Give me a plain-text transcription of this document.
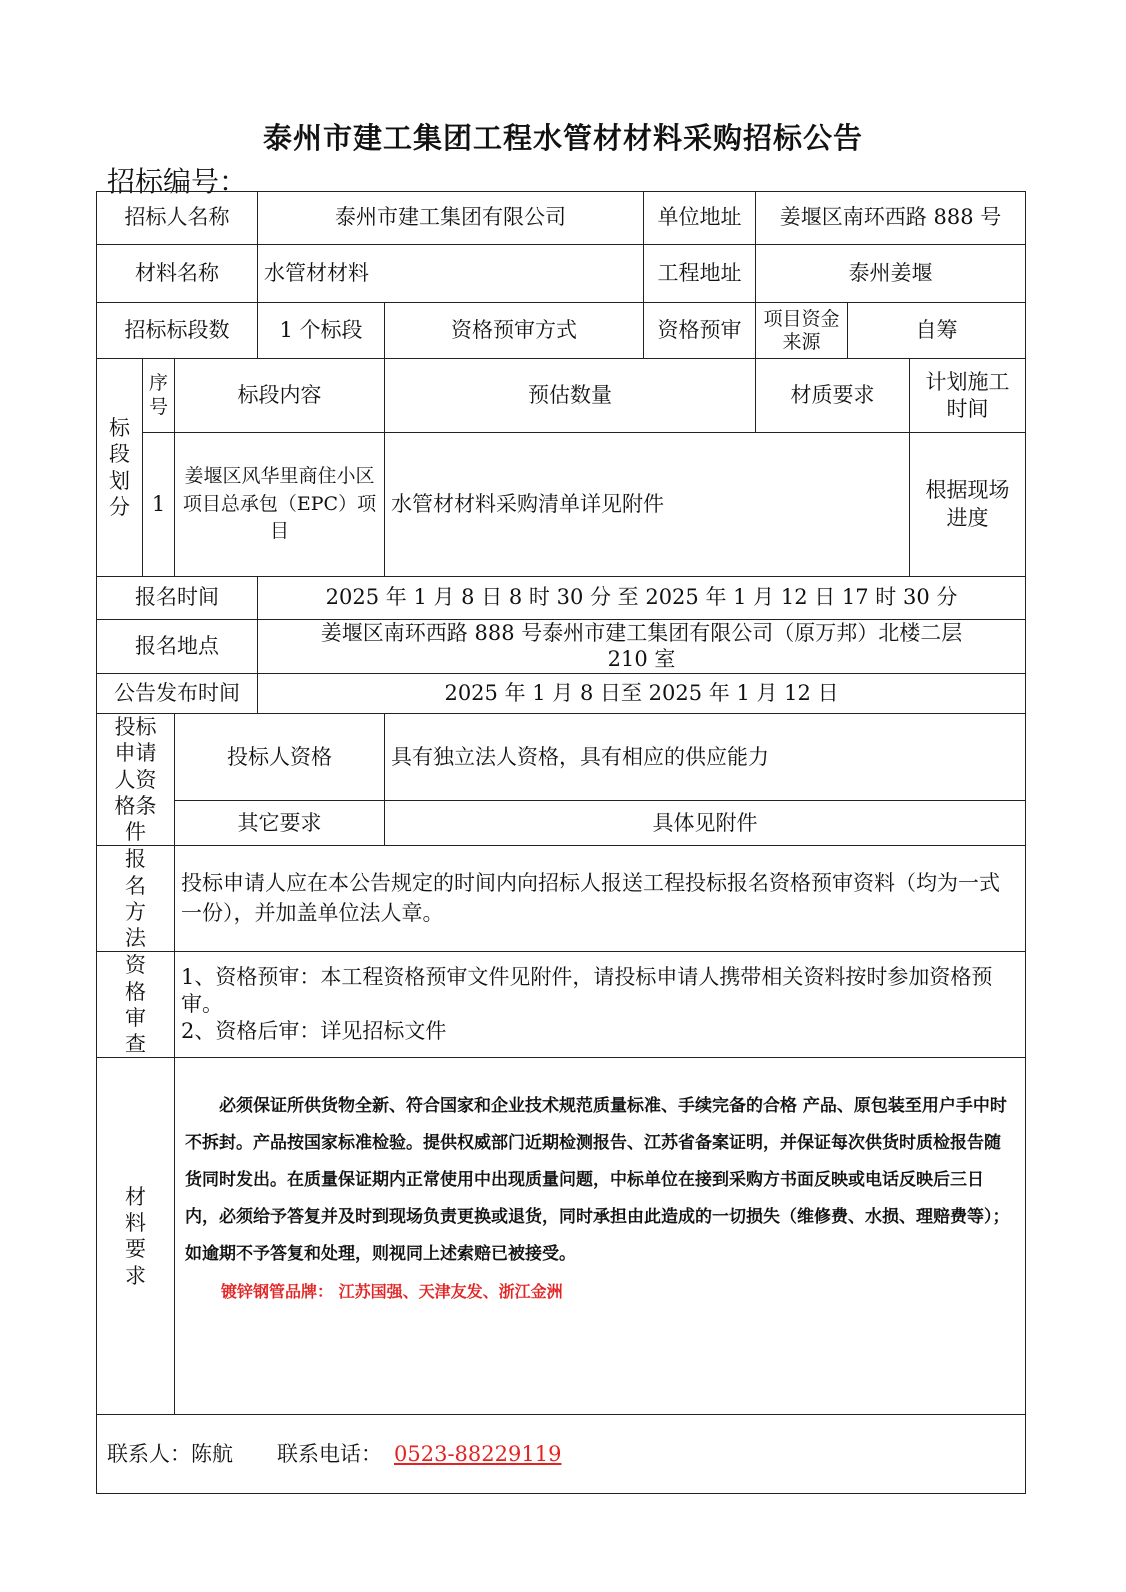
泰州市建工集团工程水管材材料采购招标公告
招标编号：
招标人名称			泰州市建工集团有限公司		单位地址	姜堰区南环西路 888 号		
材料名称			水管材材料		工程地址	泰州姜堰		
招标标段数			1 个标段	资格预审方式	资格预审	项目资金来源	自筹	
标段划分	序号	标段内容		预估数量		材质要求		计划施工时间
	1	姜堰区风华里商住小区项目总承包（EPC）项目		水管材材料采购清单详见附件				根据现场进度
报名时间			2025 年 1 月 8 日 8 时 30 分 至 2025 年 1 月 12 日 17 时 30 分					
报名地点			姜堰区南环西路 888 号泰州市建工集团有限公司（原万邦）北楼二层 210 室					
公告发布时间			2025 年 1 月 8 日至 2025 年 1 月 12 日					
投标申请人资格条件		投标人资格		具有独立法人资格，具有相应的供应能力				
		其它要求		具体见附件				
报名方法		投标申请人应在本公告规定的时间内向招标人报送工程投标报名资格预审资料（均为一式一份），并加盖单位法人章。						
资格审查		1、资格预审：本工程资格预审文件见附件，请投标申请人携带相关资料按时参加资格预审。
2、资格后审：详见招标文件						

材料要求		必须保证所供货物全新、符合国家和企业技术规范质量标准、手续完备的合格 产品、原包装至用户手中时不拆封。产品按国家标准检验。提供权威部门近期检测报告、江苏省备案证明，并保证每次供货时质检报告随货同时发出。在质量保证期内正常使用中出现质量问题，中标单位在接到采购方书面反映或电话反映后三日内，必须给予答复并及时到现场负责更换或退货，同时承担由此造成的一切损失（维修费、水损、理赔费等）；如逾期不予答复和处理，则视同上述索赔已被接受。

镀锌钢管品牌： 江苏国强、天津友发、浙江金洲						

联系人：陈航 联系电话： 0523-88229119								
